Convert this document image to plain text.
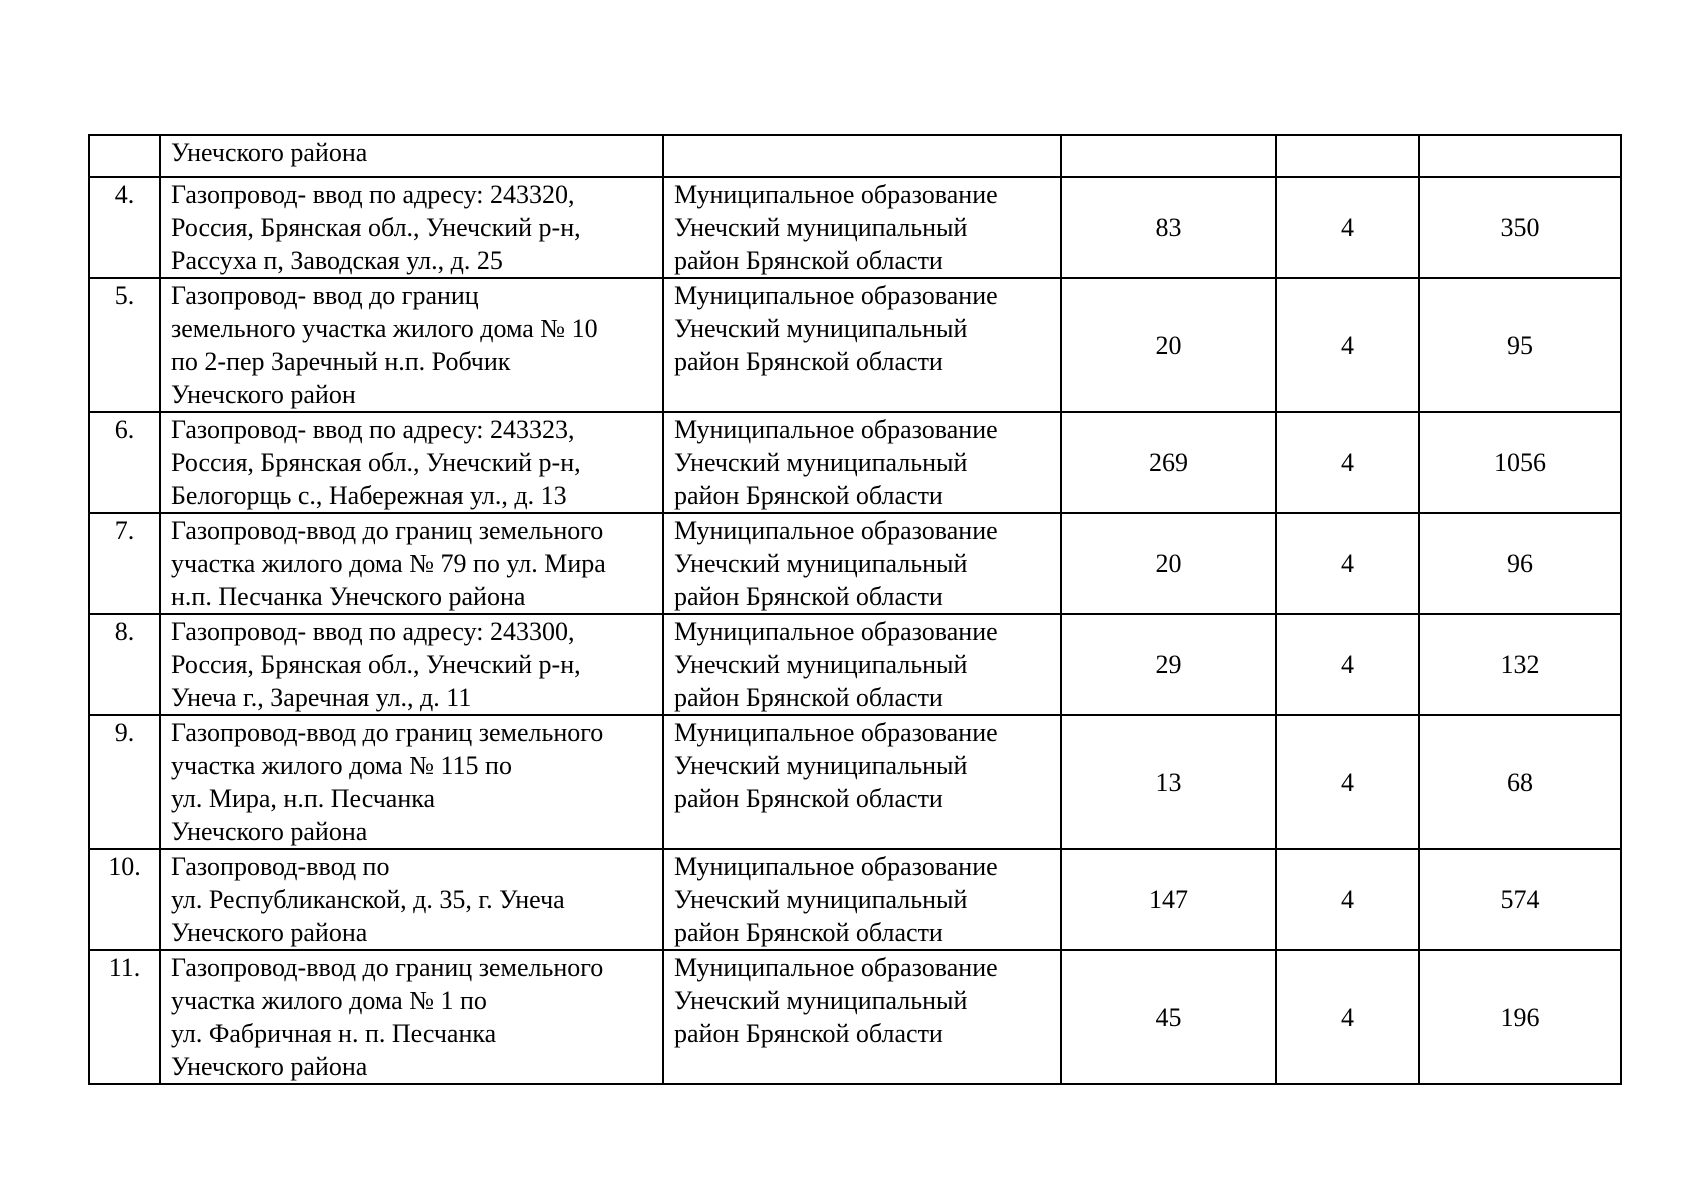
	Унечского района				

4.	Газопровод- ввод по адресу: 243320,
Россия, Брянская обл., Унечский р-н,
Рассуха п, Заводская ул., д. 25	Муниципальное образование
Унечский муниципальный
район Брянской области	83	4	350
5.	Газопровод- ввод до границ
земельного участка жилого дома № 10
по 2-пер Заречный н.п. Робчик
Унечского район	Муниципальное образование
Унечский муниципальный
район Брянской области	20	4	95
6.	Газопровод- ввод по адресу: 243323,
Россия, Брянская обл., Унечский р-н,
Белогорщь с., Набережная ул., д. 13	Муниципальное образование
Унечский муниципальный
район Брянской области	269	4	1056
7.	Газопровод-ввод до границ земельного
участка жилого дома № 79 по ул. Мира
н.п. Песчанка Унечского района	Муниципальное образование
Унечский муниципальный
район Брянской области	20	4	96
8.	Газопровод- ввод по адресу: 243300,
Россия, Брянская обл., Унечский р-н,
Унеча г., Заречная ул., д. 11	Муниципальное образование
Унечский муниципальный
район Брянской области	29	4	132
9.	Газопровод-ввод до границ земельного
участка жилого дома № 115 по
ул. Мира, н.п. Песчанка
Унечского района	Муниципальное образование
Унечский муниципальный
район Брянской области	13	4	68
10.	Газопровод-ввод по
ул. Республиканской, д. 35, г. Унеча
Унечского района	Муниципальное образование
Унечский муниципальный
район Брянской области	147	4	574
11.	Газопровод-ввод до границ земельного
участка жилого дома № 1 по
ул. Фабричная н. п. Песчанка
Унечского района	Муниципальное образование
Унечский муниципальный
район Брянской области	45	4	196
